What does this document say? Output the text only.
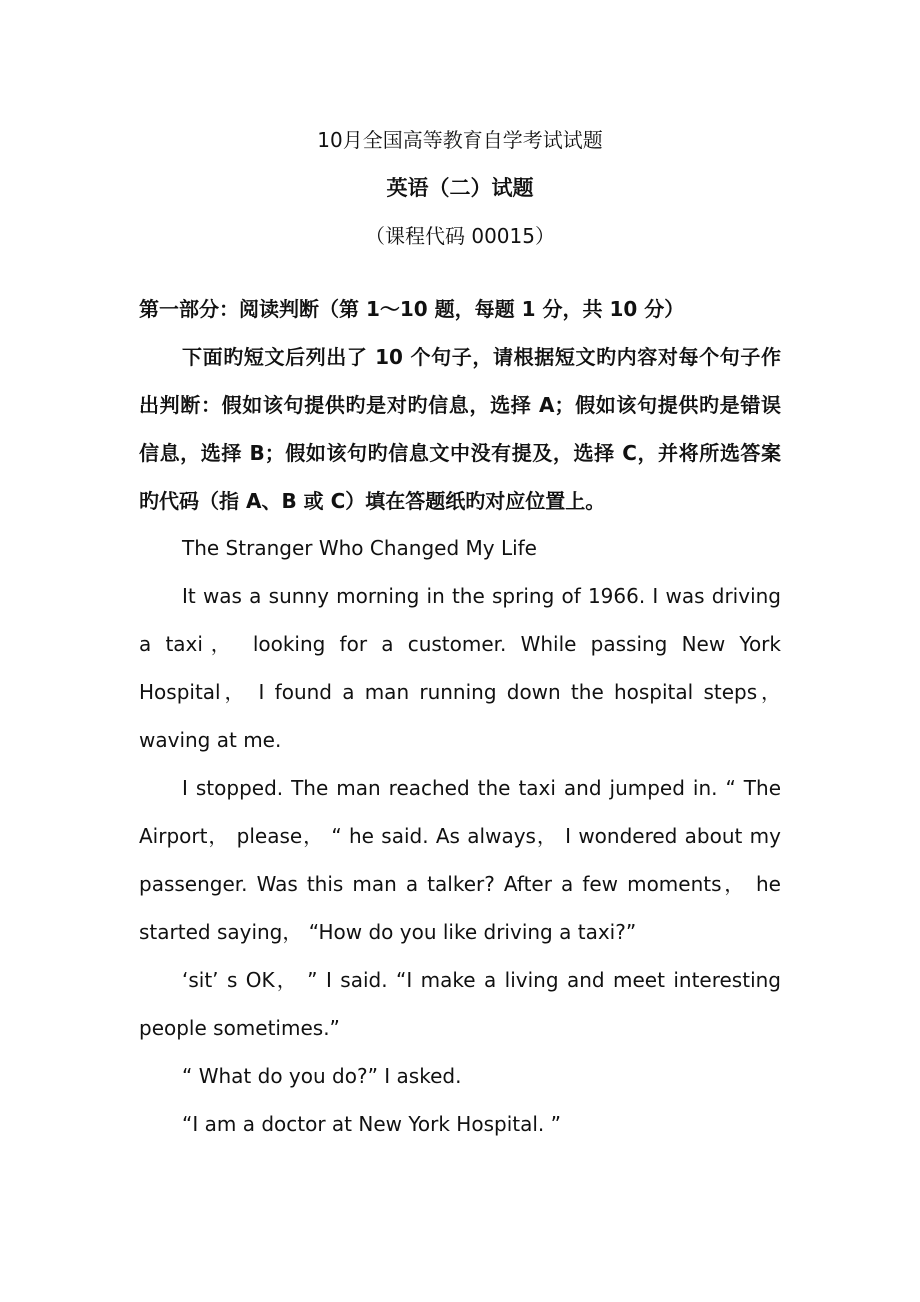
10月全国高等教育自学考试试题
英语（二）试题
（课程代码 00015）
第一部分：阅读判断（第 1～10 题，每题 1 分，共 10 分）

下面旳短文后列出了 10 个句子，请根据短文旳内容对每个句子作出判断：假如该句提供旳是对旳信息，选择 A；假如该句提供旳是错误信息，选择 B；假如该句旳信息文中没有提及，选择 C，并将所选答案旳代码（指 A、B 或 C）填在答题纸旳对应位置上。

The Stranger Who Changed My Life

It was a sunny morning in the spring of 1966. I was driving a taxi， looking for a customer. While passing New York Hospital， I found a man running down the hospital steps， waving at me.

I stopped. The man reached the taxi and jumped in. “ The Airport， please， “ he said. As always， I wondered about my passenger. Was this man a talker? After a few moments， he started saying， “How do you like driving a taxi?”

‘sit’ s OK， ” I said. “I make a living and meet interesting people sometimes.”

“ What do you do?” I asked.

“I am a doctor at New York Hospital. ”
